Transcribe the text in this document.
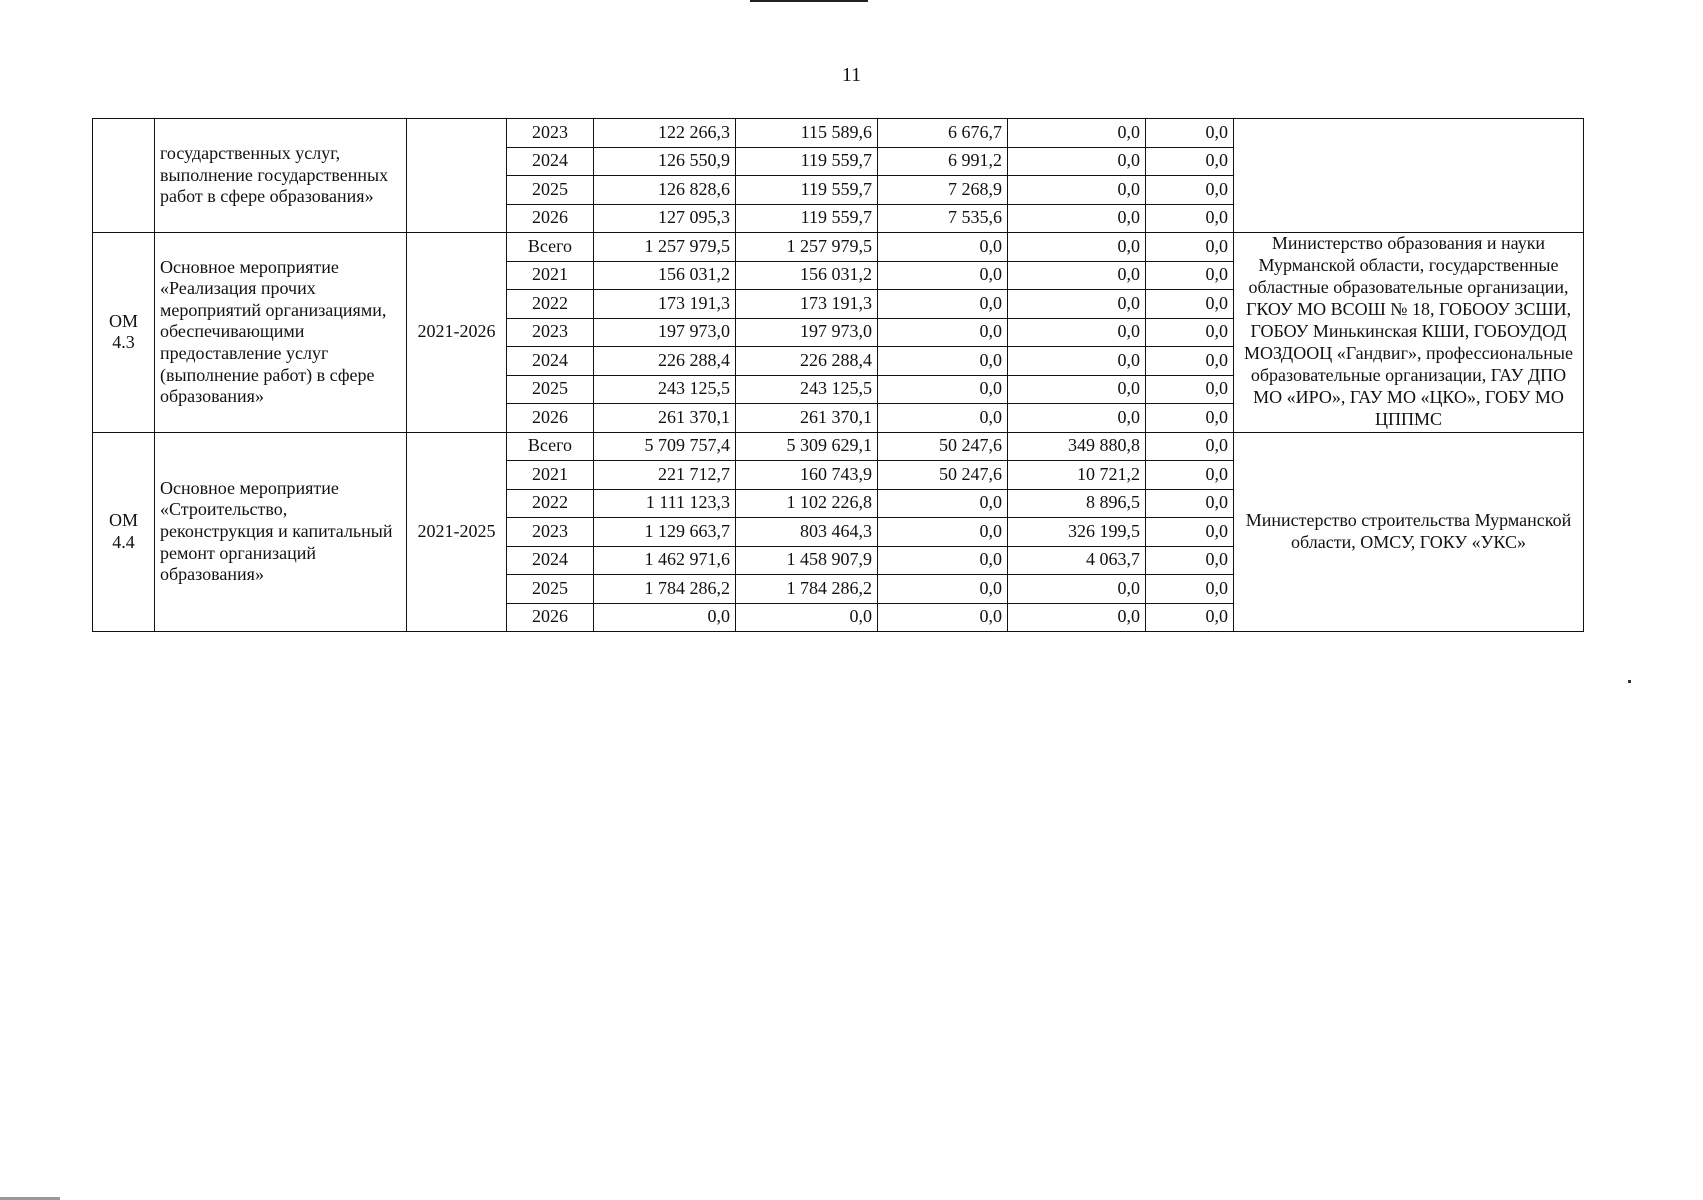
11
	государственных услуг, выполнение государственных работ в сфере образования»		2023	122 266,3	115 589,6	6 676,7	0,0	0,0	
			2024	126 550,9	119 559,7	6 991,2	0,0	0,0	
			2025	126 828,6	119 559,7	7 268,9	0,0	0,0	
			2026	127 095,3	119 559,7	7 535,6	0,0	0,0	
ОМ 4.3	Основное мероприятие «Реализация прочих мероприятий организациями, обеспечивающими предоставление услуг (выполнение работ) в сфере образования»	2021-2026	Всего	1 257 979,5	1 257 979,5	0,0	0,0	0,0	Министерство образования и науки Мурманской области, государственные областные образовательные организации, ГКОУ МО ВСОШ № 18, ГОБООУ ЗСШИ, ГОБОУ Минькинская КШИ, ГОБОУДОД МОЗДООЦ «Гандвиг», профессиональные образовательные организации, ГАУ ДПО МО «ИРО», ГАУ МО «ЦКО», ГОБУ МО ЦППМС
			2021	156 031,2	156 031,2	0,0	0,0	0,0	
			2022	173 191,3	173 191,3	0,0	0,0	0,0	
			2023	197 973,0	197 973,0	0,0	0,0	0,0	
			2024	226 288,4	226 288,4	0,0	0,0	0,0	
			2025	243 125,5	243 125,5	0,0	0,0	0,0	
			2026	261 370,1	261 370,1	0,0	0,0	0,0	
ОМ 4.4	Основное мероприятие «Строительство, реконструкция и капитальный ремонт организаций образования»	2021-2025	Всего	5 709 757,4	5 309 629,1	50 247,6	349 880,8	0,0	Министерство строительства Мурманской области, ОМСУ, ГОКУ «УКС»
			2021	221 712,7	160 743,9	50 247,6	10 721,2	0,0	
			2022	1 111 123,3	1 102 226,8	0,0	8 896,5	0,0	
			2023	1 129 663,7	803 464,3	0,0	326 199,5	0,0	
			2024	1 462 971,6	1 458 907,9	0,0	4 063,7	0,0	
			2025	1 784 286,2	1 784 286,2	0,0	0,0	0,0	
			2026	0,0	0,0	0,0	0,0	0,0	
